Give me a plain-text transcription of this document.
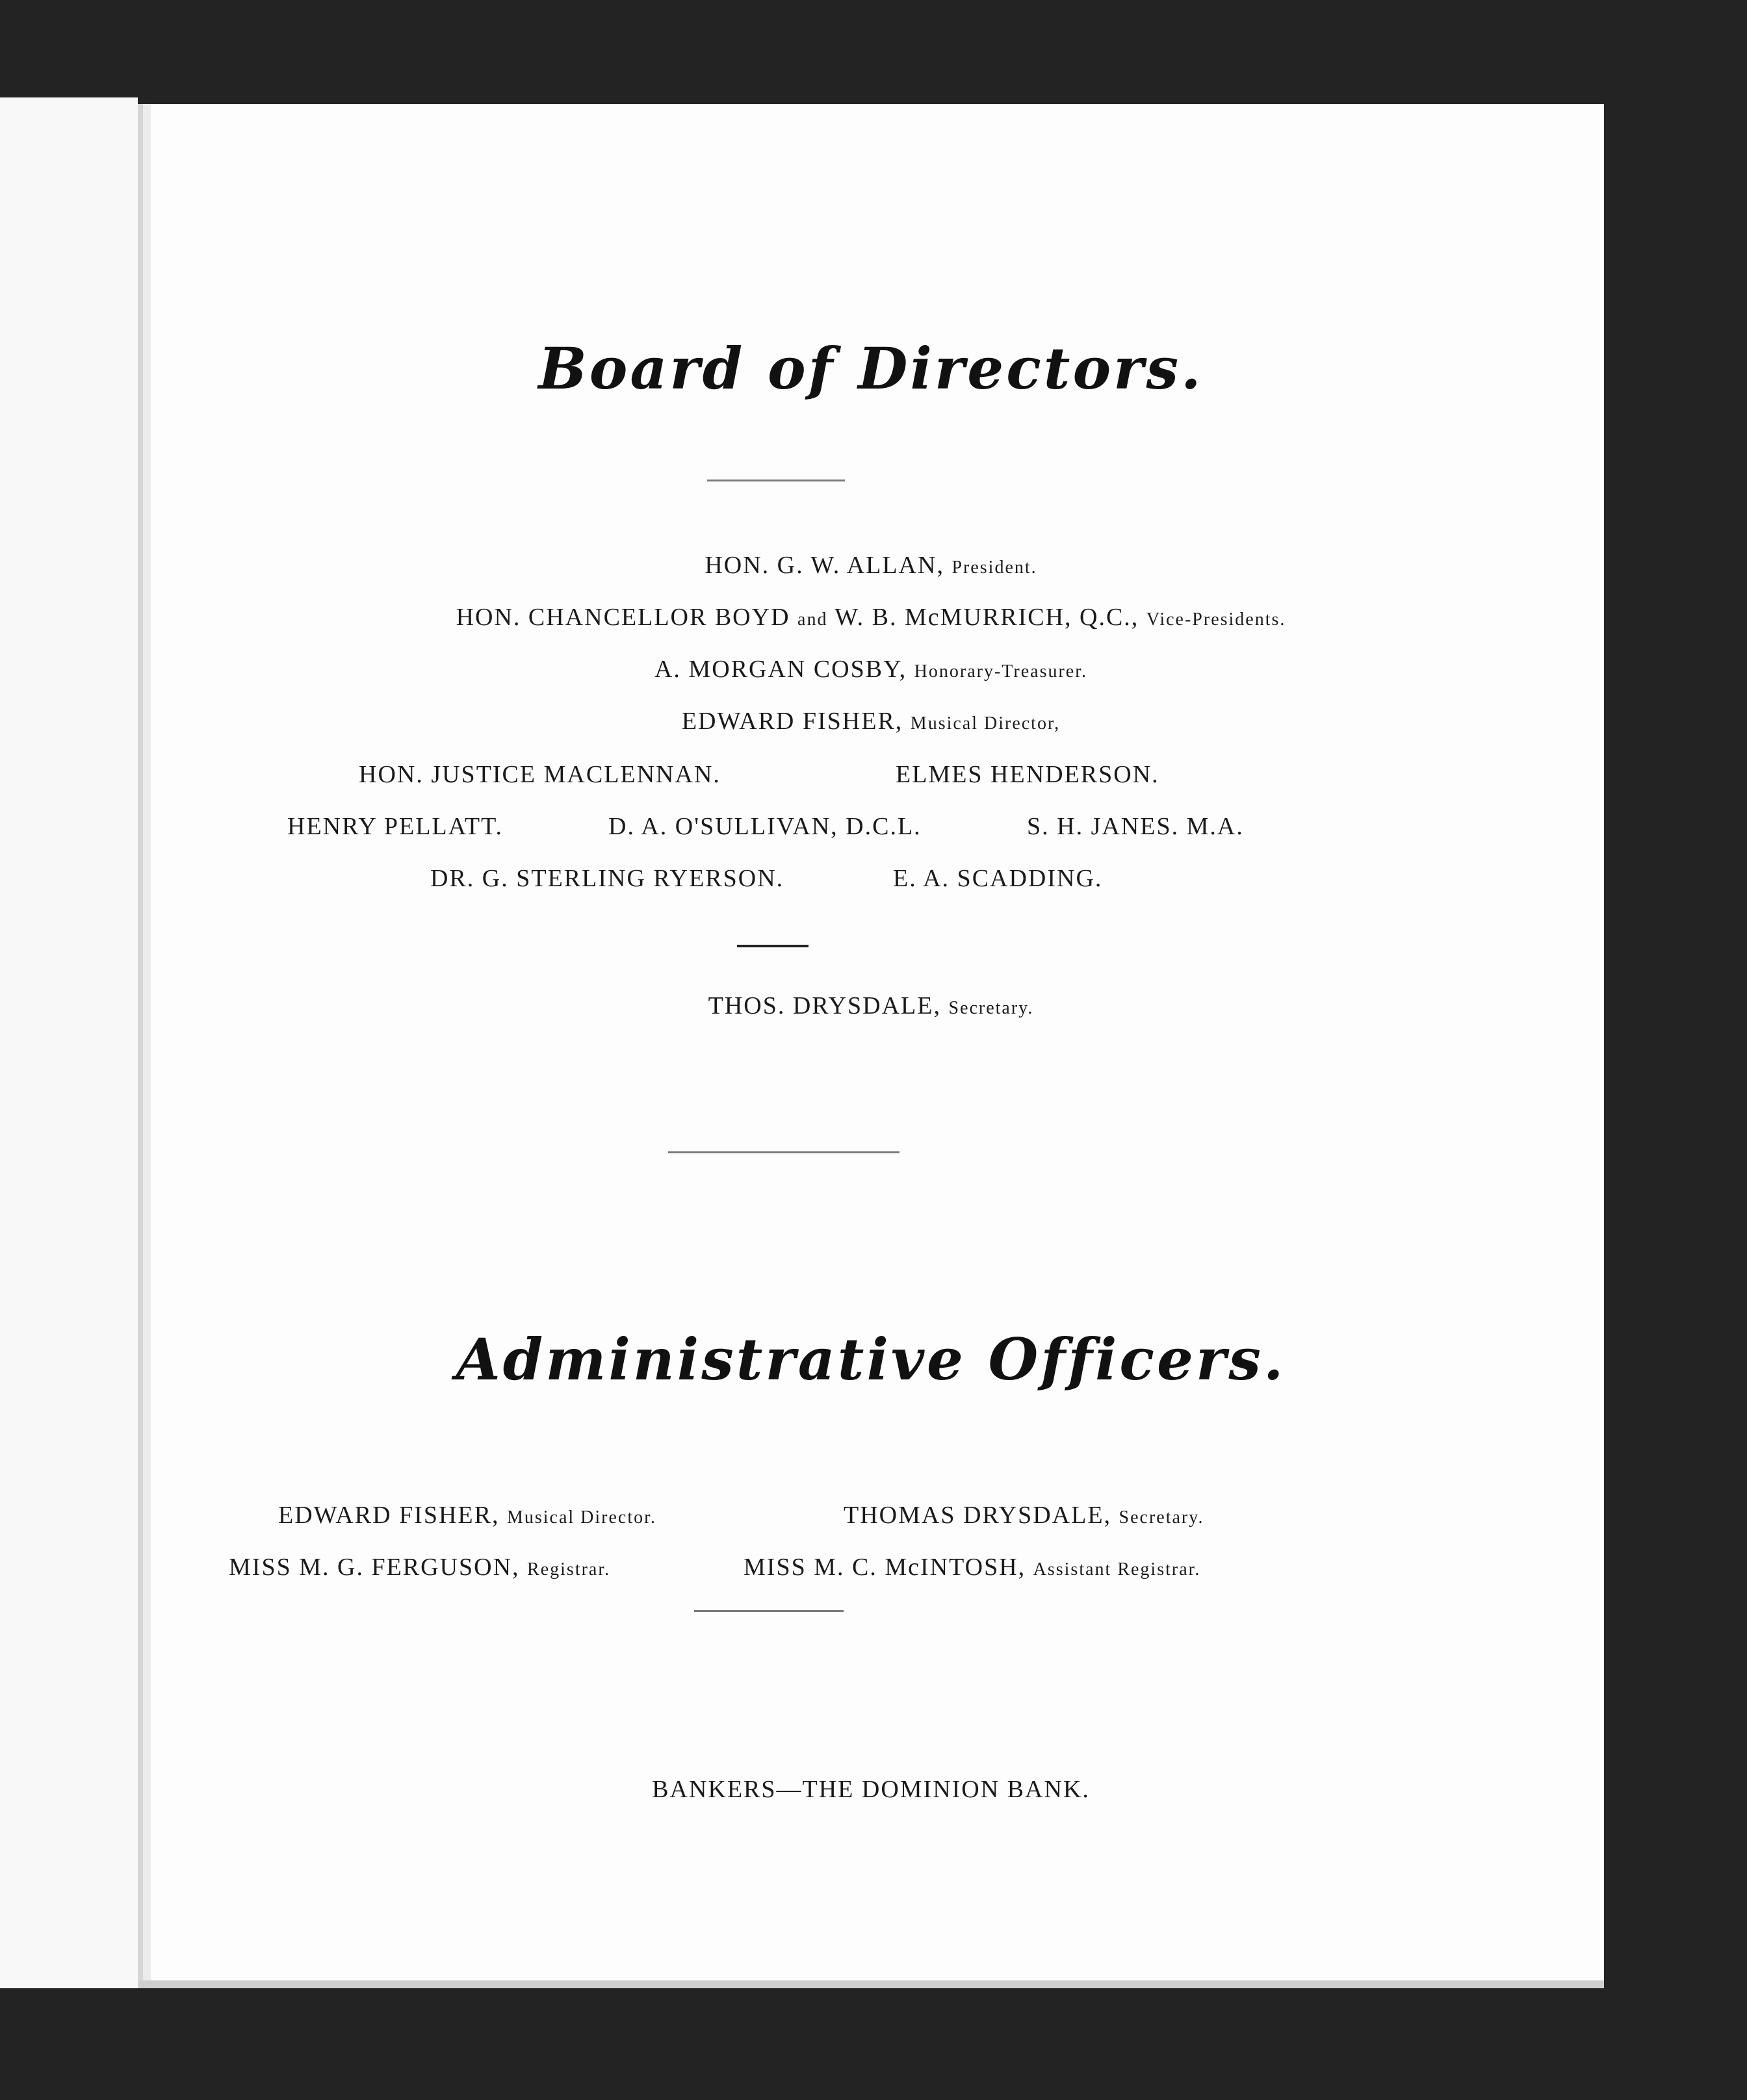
Board of Directors.
HON. G. W. ALLAN, President.
HON. CHANCELLOR BOYD and W. B. McMURRICH, Q.C., Vice-Presidents.
A. MORGAN COSBY, Honorary-Treasurer.
EDWARD FISHER, Musical Director,
HON. JUSTICE MACLENNAN.	ELMES HENDERSON.
HENRY PELLATT.	D. A. O'SULLIVAN, D.C.L.	S. H. JANES. M.A.
DR. G. STERLING RYERSON.	E. A. SCADDING.
THOS. DRYSDALE, Secretary.
Administrative Officers.
EDWARD FISHER, Musical Director.	THOMAS DRYSDALE, Secretary.
MISS M. G. FERGUSON, Registrar.	MISS M. C. McINTOSH, Assistant Registrar.
BANKERS—THE DOMINION BANK.
